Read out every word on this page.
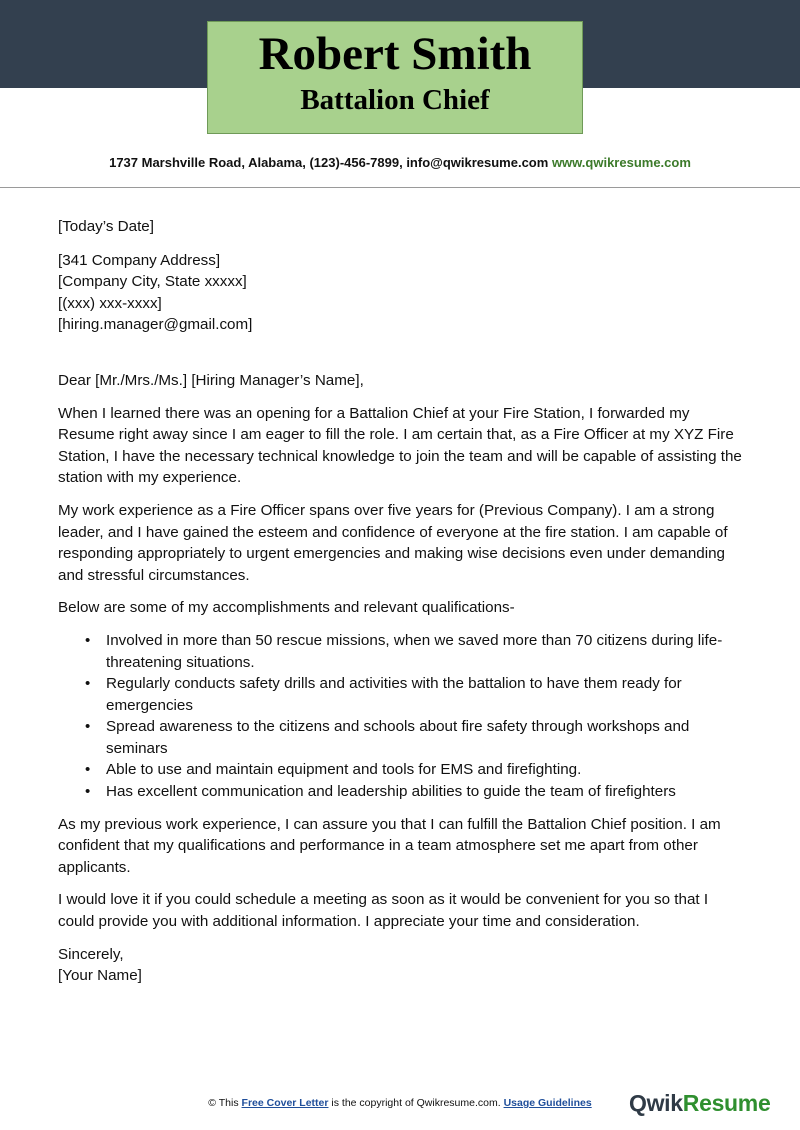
Robert Smith
Battalion Chief
1737 Marshville Road, Alabama, (123)-456-7899, info@qwikresume.com www.qwikresume.com

[Today’s Date]

[341 Company Address]

[Company City, State xxxxx]

[(xxx) xxx-xxxx]

[hiring.manager@gmail.com]

Dear [Mr./Mrs./Ms.] [Hiring Manager’s Name],

When I learned there was an opening for a Battalion Chief at your Fire Station, I forwarded my Resume right away since I am eager to fill the role. I am certain that, as a Fire Officer at my XYZ Fire Station, I have the necessary technical knowledge to join the team and will be capable of assisting the station with my experience.

My work experience as a Fire Officer spans over five years for (Previous Company). I am a strong leader, and I have gained the esteem and confidence of everyone at the fire station. I am capable of responding appropriately to urgent emergencies and making wise decisions even under demanding and stressful circumstances.

Below are some of my accomplishments and relevant qualifications-

• Involved in more than 50 rescue missions, when we saved more than 70 citizens during life-threatening situations.
• Regularly conducts safety drills and activities with the battalion to have them ready for emergencies
• Spread awareness to the citizens and schools about fire safety through workshops and seminars
• Able to use and maintain equipment and tools for EMS and firefighting.
• Has excellent communication and leadership abilities to guide the team of firefighters

As my previous work experience, I can assure you that I can fulfill the Battalion Chief position. I am confident that my qualifications and performance in a team atmosphere set me apart from other applicants.

I would love it if you could schedule a meeting as soon as it would be convenient for you so that I could provide you with additional information. I appreciate your time and consideration.

Sincerely,

[Your Name]

© This Free Cover Letter is the copyright of Qwikresume.com. Usage Guidelines	QwikResume
